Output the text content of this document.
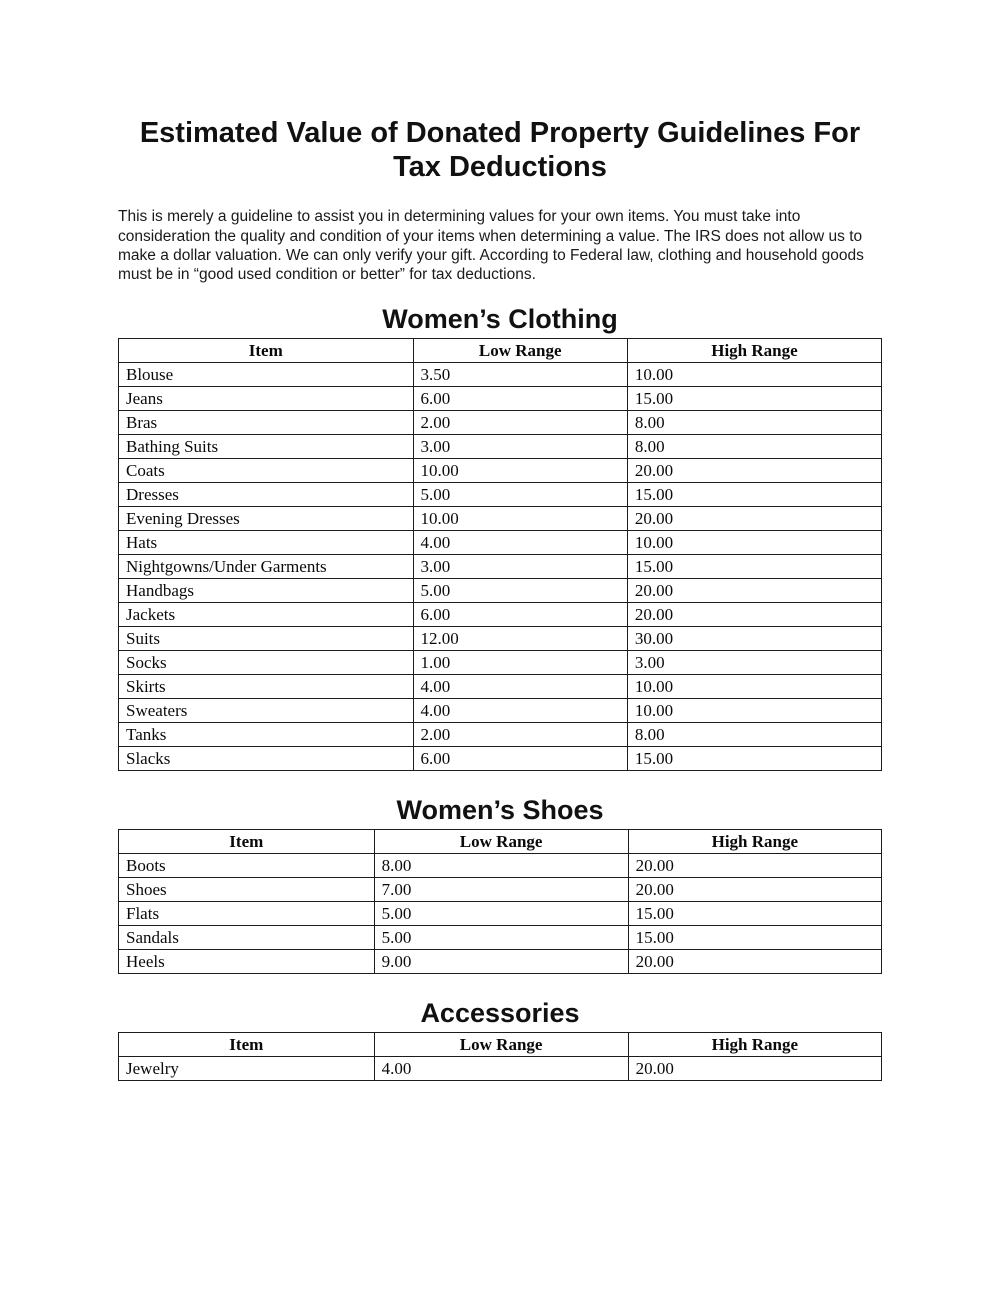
Estimated Value of Donated Property Guidelines For Tax Deductions

This is merely a guideline to assist you in determining values for your own items. You must take into consideration the quality and condition of your items when determining a value. The IRS does not allow us to make a dollar valuation. We can only verify your gift. According to Federal law, clothing and household goods must be in “good used condition or better” for tax deductions.

Women’s Clothing
Item	Low Range	High Range
Blouse	3.50	10.00
Jeans	6.00	15.00
Bras	2.00	8.00
Bathing Suits	3.00	8.00
Coats	10.00	20.00
Dresses	5.00	15.00
Evening Dresses	10.00	20.00
Hats	4.00	10.00
Nightgowns/Under Garments	3.00	15.00
Handbags	5.00	20.00
Jackets	6.00	20.00
Suits	12.00	30.00
Socks	1.00	3.00
Skirts	4.00	10.00
Sweaters	4.00	10.00
Tanks	2.00	8.00
Slacks	6.00	15.00
Women’s Shoes
Item	Low Range	High Range
Boots	8.00	20.00
Shoes	7.00	20.00
Flats	5.00	15.00
Sandals	5.00	15.00
Heels	9.00	20.00
Accessories
Item	Low Range	High Range
Jewelry	4.00	20.00
